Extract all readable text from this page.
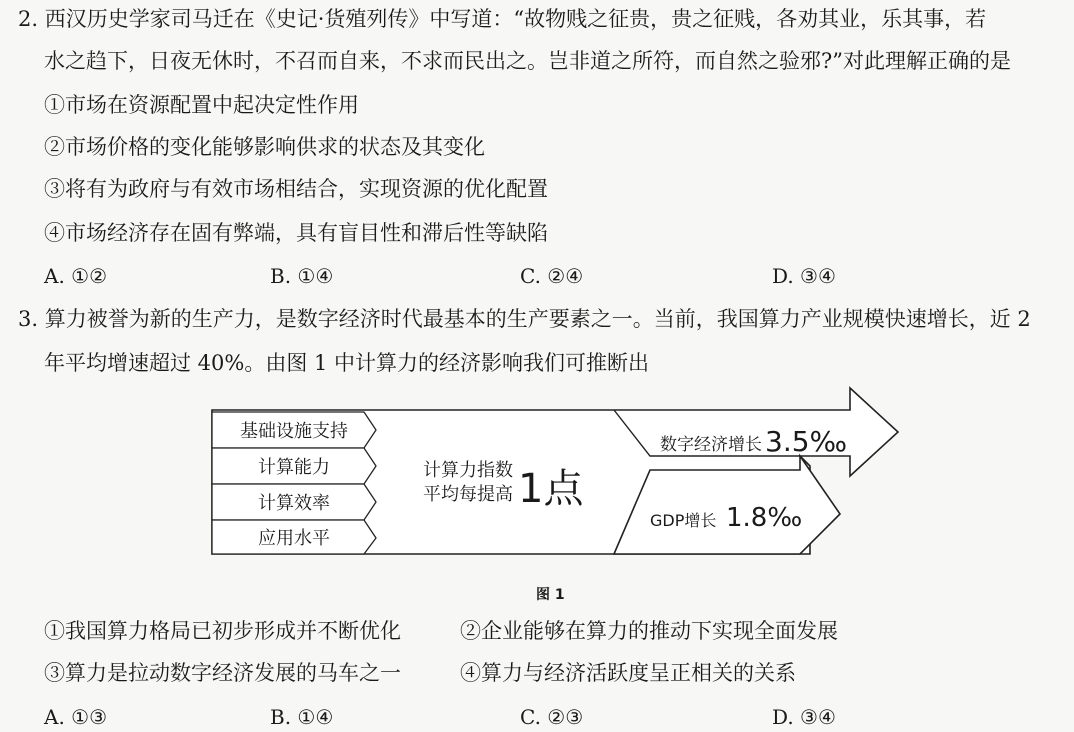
2. 西汉历史学家司马迁在《史记·货殖列传》中写道：“故物贱之征贵，贵之征贱，各劝其业，乐其事，若
水之趋下，日夜无休时，不召而自来，不求而民出之。岂非道之所符，而自然之验邪?”对此理解正确的是
①市场在资源配置中起决定性作用
②市场价格的变化能够影响供求的状态及其变化
③将有为政府与有效市场相结合，实现资源的优化配置
④市场经济存在固有弊端，具有盲目性和滞后性等缺陷
A. ①②	B. ①④	C. ②④	D. ③④
3. 算力被誉为新的生产力，是数字经济时代最基本的生产要素之一。当前，我国算力产业规模快速增长，近 2
年平均增速超过 40%。由图 1 中计算力的经济影响我们可推断出
基础设施支持
计算能力
计算效率
应用水平
计算力指数
平均每提高 1点
数字经济增长 3.5‰
GDP增长 1.8‰
图 1
①我国算力格局已初步形成并不断优化	②企业能够在算力的推动下实现全面发展
③算力是拉动数字经济发展的马车之一	④算力与经济活跃度呈正相关的关系
A. ①③	B. ①④	C. ②③	D. ③④
